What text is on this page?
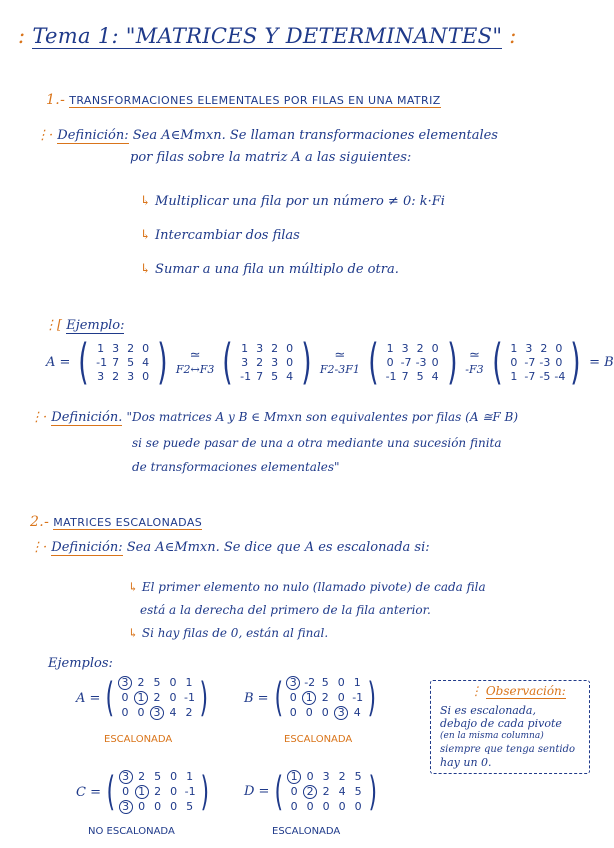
: Tema 1: "MATRICES Y DETERMINANTES" :
1.- TRANSFORMACIONES ELEMENTALES POR FILAS EN UNA MATRIZ
⋮· Definición: Sea A∈Mmxn. Se llaman transformaciones elementales
por filas sobre la matriz A a las siguientes:
↳ Multiplicar una fila por un número ≠ 0: k·Fi
↳ Intercambiar dos filas
↳ Sumar a una fila un múltiplo de otra.
⋮[ Ejemplo:
A = ( 1 3 2 0
-1 7 5 4
3 2 3 0 ) ≃
F2↔F3 ( 1 3 2 0
3 2 3 0
-1 7 5 4 ) ≃
F2-3F1 ( 1 3 2 0
0 -7 -3 0
-1 7 5 4 ) ≃
-F3 ( 1 3 2 0
0 -7 -3 0
1 -7 -5 -4 ) = B
⋮· Definición. "Dos matrices A y B ∈ Mmxn son equivalentes por filas (A ≅F B)
si se puede pasar de una a otra mediante una sucesión finita
de transformaciones elementales"
2.- MATRICES ESCALONADAS
⋮· Definición: Sea A∈Mmxn. Se dice que A es escalonada si:
↳ El primer elemento no nulo (llamado pivote) de cada fila
está a la derecha del primero de la fila anterior.
↳ Si hay filas de 0, están al final.
Ejemplos:
A = ( 3 2 5 0 1
0 1 2 0 -1
0 0 3 4 2 )
ESCALONADA
B = ( 3 -2 5 0 1
0 1 2 0 -1
0 0 0 3 4 )
ESCALONADA
⋮ Observación:
Si es escalonada,
debajo de cada pivote
(en la misma columna)
siempre que tenga sentido
hay un 0.
C = ( 3 2 5 0 1
0 1 2 0 -1
3 0 0 0 5 )
NO ESCALONADA
D = ( 1 0 3 2 5
0 2 2 4 5
0 0 0 0 0 )
ESCALONADA
